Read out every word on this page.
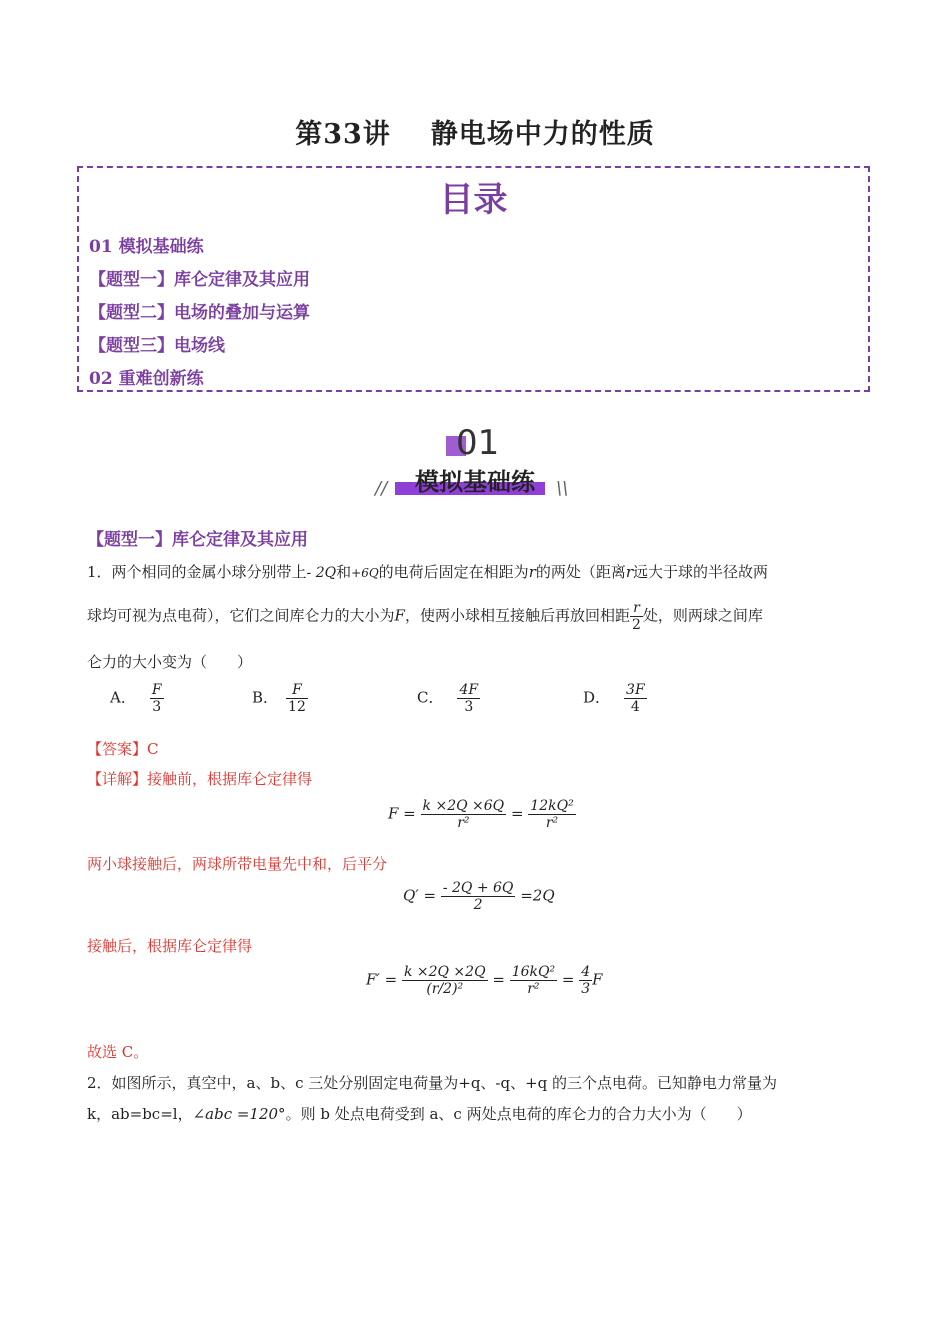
第33讲 静电场中力的性质
目录
01 模拟基础练
【题型一】库仑定律及其应用
【题型二】电场的叠加与运算
【题型三】电场线
02 重难创新练
01
模拟基础练
//	\\
【题型一】库仑定律及其应用
1．两个相同的金属小球分别带上- 2Q和+6Q的电荷后固定在相距为r的两处（距离r远大于球的半径故两
球均可视为点电荷），它们之间库仑力的大小为F，使两小球相互接触后再放回相距 $\frac{r}{2}$ 处，则两球之间库
仑力的大小变为（　　）
A． $\frac{F}{3}$	B． $\frac{F}{12}$	C． $\frac{4F}{3}$	D． $\frac{3F}{4}$
【答案】C
【详解】接触前，根据库仑定律得
$F = \frac{k \times 2Q \times 6Q}{\text{r²}} = \frac{\text{12kQ²}}{\text{r²}}$
两小球接触后，两球所带电量先中和，后平分
$Q' = \frac{- 2Q + 6Q}{2} =2Q$
接触后，根据库仑定律得
$F' = \frac{k \times 2Q \times 2Q}{\text{(r/2)²}} = \frac{\text{16kQ²}}{\text{r²}} = \frac{4}{3}$ F
故选 C。
2．如图所示，真空中，a、b、c 三处分别固定电荷量为+q、-q、+q 的三个点电荷。已知静电力常量为
k，ab=bc=l，∠abc =120°。则 b 处点电荷受到 a、c 两处点电荷的库仑力的合力大小为（　　）
